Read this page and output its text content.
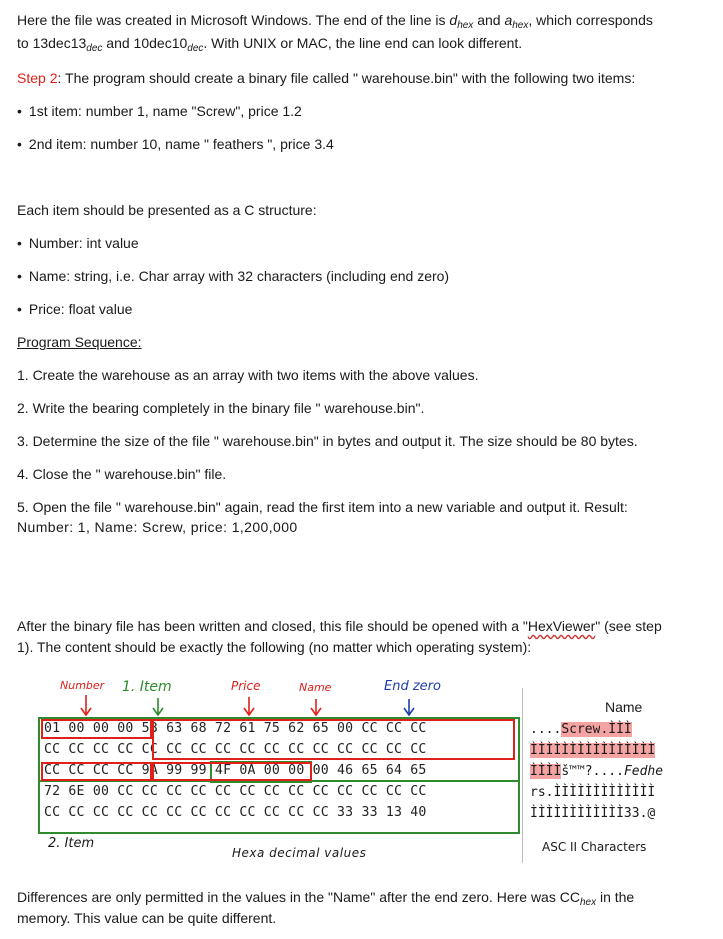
Here the file was created in Microsoft Windows. The end of the line is $d_{hex}$ and $a_{hex}$, which corresponds

to $13dec13_{dec}$ and $10dec10_{dec}$. With UNIX or MAC, the line end can look different.

Step 2: The program should create a binary file called " warehouse.bin" with the following two items:

• 1st item: number 1, name "Screw", price 1.2

• 2nd item: number 10, name " feathers ", price 3.4

Each item should be presented as a C structure:

• Number: int value

• Name: string, i.e. Char array with 32 characters (including end zero)

• Price: float value

Program Sequence:

1. Create the warehouse as an array with two items with the above values.

2. Write the bearing completely in the binary file " warehouse.bin".

3. Determine the size of the file " warehouse.bin" in bytes and output it. The size should be 80 bytes.

4. Close the " warehouse.bin" file.

5. Open the file " warehouse.bin" again, read the first item into a new variable and output it. Result:

Number: 1, Name: Screw, price: 1,200,000

After the binary file has been written and closed, this file should be opened with a "HexViewer" (see step

1). The content should be exactly the following (no matter which operating system):

Number 1. Item	Price	Name	End zero
01 00 00 00 53 63 68 72 61 75 62 65 00 CC CC CC
CC CC CC CC CC CC CC CC CC CC CC CC CC CC CC CC
CC CC CC CC 9A 99 99 4F 0A 00 00 00 46 65 64 65
72 6E 00 CC CC CC CC CC CC CC CC CC CC CC CC CC
CC CC CC CC CC CC CC CC CC CC CC CC 33 33 13 40
2. Item
Hexa decimal values
Name
....Screw.ÌÌÌ
ÌÌÌÌÌÌÌÌÌÌÌÌÌÌÌÌ
ÌÌÌÌš™™?....Fedhe
rs.ÌÌÌÌÌÌÌÌÌÌÌÌÌ
ÌÌÌÌÌÌÌÌÌÌÌÌ33.@
ASC II Characters

Differences are only permitted in the values in the "Name" after the end zero. Here was $CC_{hex}$ in the

memory. This value can be quite different.
